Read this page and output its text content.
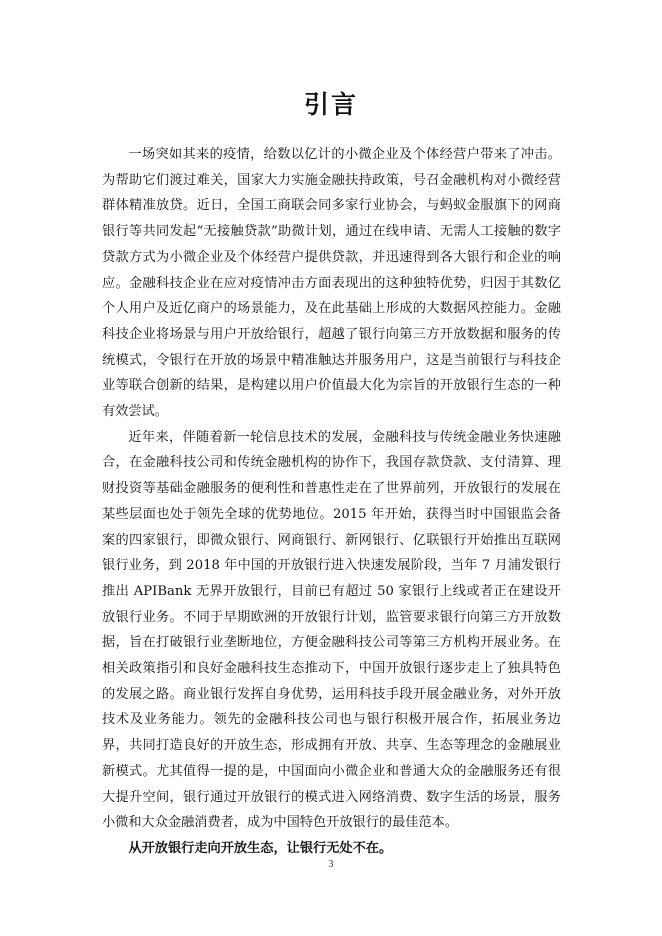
引言

一场突如其来的疫情，给数以亿计的小微企业及个体经营户带来了冲击。为帮助它们渡过难关，国家大力实施金融扶持政策，号召金融机构对小微经营群体精准放贷。近日，全国工商联会同多家行业协会，与蚂蚁金服旗下的网商银行等共同发起“无接触贷款”助微计划，通过在线申请、无需人工接触的数字贷款方式为小微企业及个体经营户提供贷款，并迅速得到各大银行和企业的响应。金融科技企业在应对疫情冲击方面表现出的这种独特优势，归因于其数亿个人用户及近亿商户的场景能力，及在此基础上形成的大数据风控能力。金融科技企业将场景与用户开放给银行，超越了银行向第三方开放数据和服务的传统模式，令银行在开放的场景中精准触达并服务用户，这是当前银行与科技企业等联合创新的结果，是构建以用户价值最大化为宗旨的开放银行生态的一种有效尝试。

近年来，伴随着新一轮信息技术的发展，金融科技与传统金融业务快速融合，在金融科技公司和传统金融机构的协作下，我国存款贷款、支付清算、理财投资等基础金融服务的便利性和普惠性走在了世界前列，开放银行的发展在某些层面也处于领先全球的优势地位。2015 年开始，获得当时中国银监会备案的四家银行，即微众银行、网商银行、新网银行、亿联银行开始推出互联网银行业务，到 2018 年中国的开放银行进入快速发展阶段，当年 7 月浦发银行推出 APIBank 无界开放银行，目前已有超过 50 家银行上线或者正在建设开放银行业务。不同于早期欧洲的开放银行计划，监管要求银行向第三方开放数据，旨在打破银行业垄断地位，方便金融科技公司等第三方机构开展业务。在相关政策指引和良好金融科技生态推动下，中国开放银行逐步走上了独具特色的发展之路。商业银行发挥自身优势，运用科技手段开展金融业务，对外开放技术及业务能力。领先的金融科技公司也与银行积极开展合作，拓展业务边界，共同打造良好的开放生态，形成拥有开放、共享、生态等理念的金融展业新模式。尤其值得一提的是，中国面向小微企业和普通大众的金融服务还有很大提升空间，银行通过开放银行的模式进入网络消费、数字生活的场景，服务小微和大众金融消费者，成为中国特色开放银行的最佳范本。

从开放银行走向开放生态，让银行无处不在。

3
